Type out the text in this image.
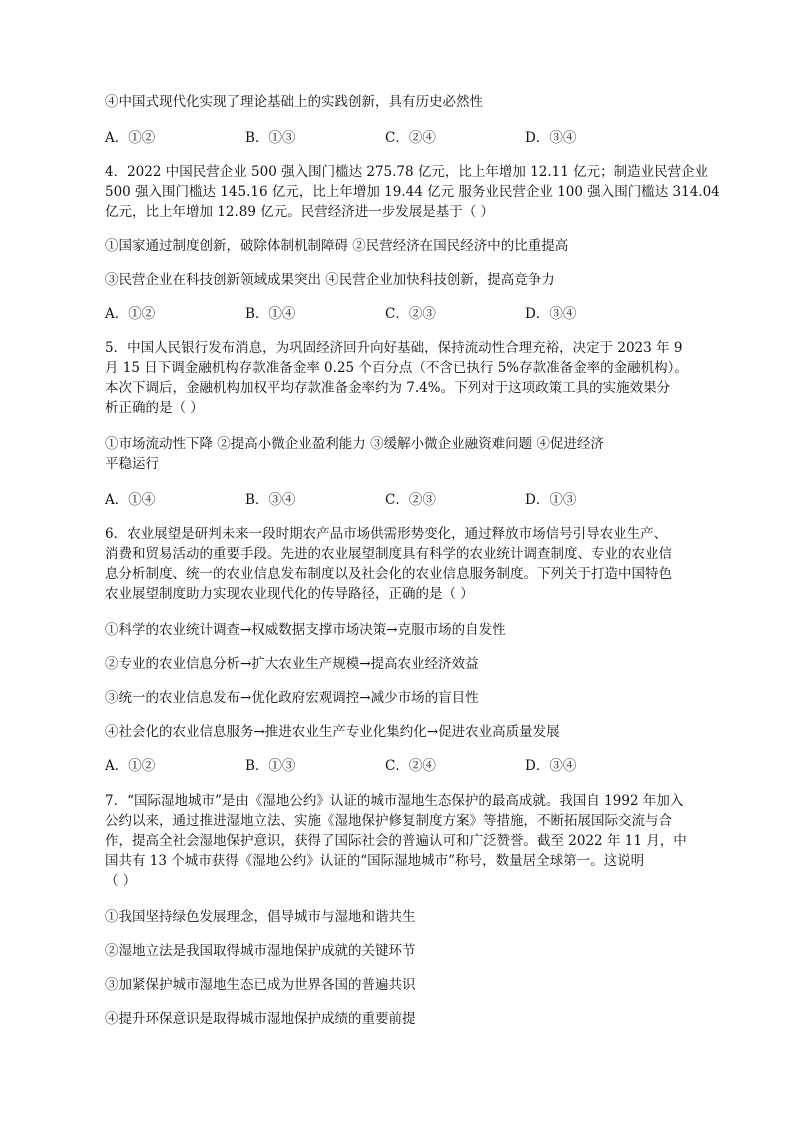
④中国式现代化实现了理论基础上的实践创新，具有历史必然性
A．①②	B．①③	C．②④	D．③④
4．2022 中国民营企业 500 强入围门槛达 275.78 亿元，比上年增加 12.11 亿元；制造业民营企业
500 强入围门槛达 145.16 亿元，比上年增加 19.44 亿元 服务业民营企业 100 强入围门槛达 314.04
亿元，比上年增加 12.89 亿元。民营经济进一步发展是基于（ ）
①国家通过制度创新，破除体制机制障碍 ②民营经济在国民经济中的比重提高
③民营企业在科技创新领域成果突出 ④民营企业加快科技创新，提高竞争力
A．①②	B．①④	C．②③	D．③④
5．中国人民银行发布消息，为巩固经济回升向好基础，保持流动性合理充裕，决定于 2023 年 9
月 15 日下调金融机构存款准备金率 0.25 个百分点（不含已执行 5%存款准备金率的金融机构）。
本次下调后，金融机构加权平均存款准备金率约为 7.4%。下列对于这项政策工具的实施效果分
析正确的是（ ）
①市场流动性下降 ②提高小微企业盈利能力 ③缓解小微企业融资难问题 ④促进经济
平稳运行
A．①④	B．③④	C．②③	D．①③
6．农业展望是研判未来一段时期农产品市场供需形势变化，通过释放市场信号引导农业生产、
消费和贸易活动的重要手段。先进的农业展望制度具有科学的农业统计调查制度、专业的农业信
息分析制度、统一的农业信息发布制度以及社会化的农业信息服务制度。下列关于打造中国特色
农业展望制度助力实现农业现代化的传导路径，正确的是（ ）
①科学的农业统计调查→权威数据支撑市场决策→克服市场的自发性
②专业的农业信息分析→扩大农业生产规模→提高农业经济效益
③统一的农业信息发布→优化政府宏观调控→减少市场的盲目性
④社会化的农业信息服务→推进农业生产专业化集约化→促进农业高质量发展
A．①②	B．①③	C．②④	D．③④
7．“国际湿地城市”是由《湿地公约》认证的城市湿地生态保护的最高成就。我国自 1992 年加入
公约以来，通过推进湿地立法、实施《湿地保护修复制度方案》等措施，不断拓展国际交流与合
作，提高全社会湿地保护意识，获得了国际社会的普遍认可和广泛赞誉。截至 2022 年 11 月，中
国共有 13 个城市获得《湿地公约》认证的“国际湿地城市”称号，数量居全球第一。这说明
（ ）
①我国坚持绿色发展理念，倡导城市与湿地和谐共生
②湿地立法是我国取得城市湿地保护成就的关键环节
③加紧保护城市湿地生态已成为世界各国的普遍共识
④提升环保意识是取得城市湿地保护成绩的重要前提
